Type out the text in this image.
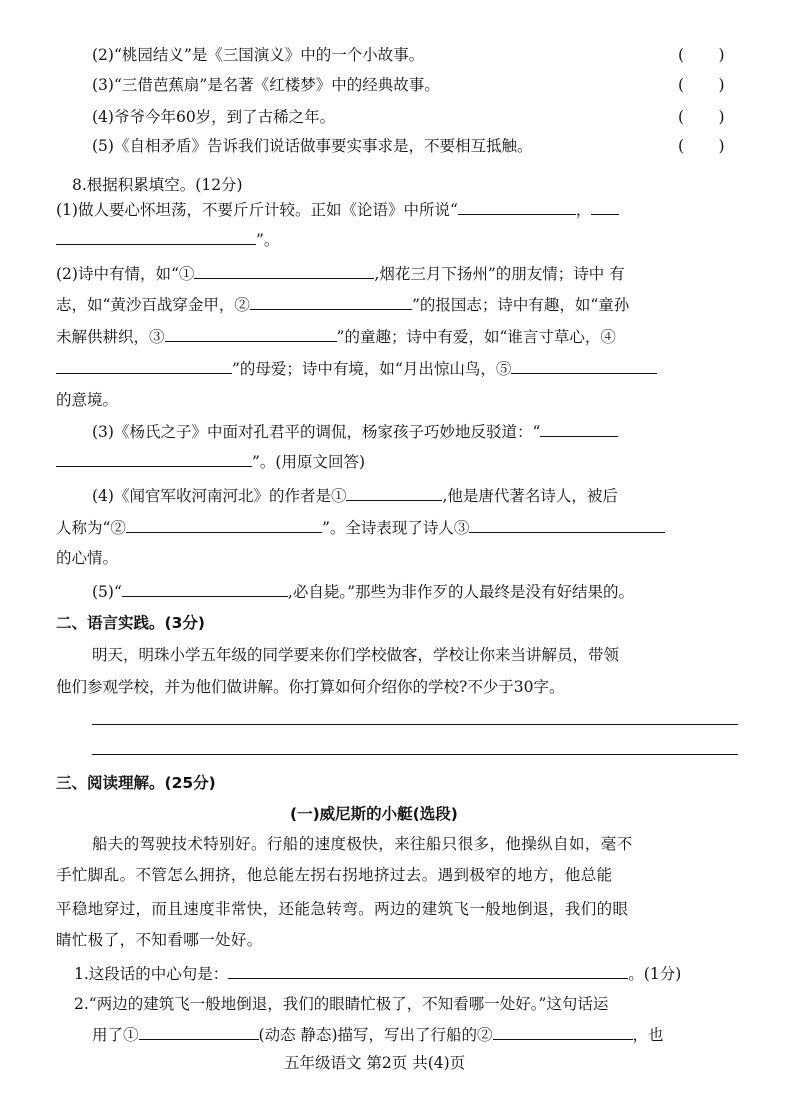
(2)“桃园结义”是《三国演义》中的一个小故事。	(       )
(3)“三借芭蕉扇”是名著《红楼梦》中的经典故事。	(       )
(4)爷爷今年60岁，到了古稀之年。	(       )
(5)《自相矛盾》告诉我们说话做事要实事求是，不要相互抵触。	(       )
8.根据积累填空。(12分)
(1)做人要心怀坦荡，不要斤斤计较。正如《论语》中所说“	，
”。
(2)诗中有情，如“①	,烟花三月下扬州”的朋友情；诗中 有
志，如“黄沙百战穿金甲，②	”的报国志；诗中有趣，如“童孙
未解供耕织，③	”的童趣；诗中有爱，如“谁言寸草心，④
”的母爱；诗中有境，如“月出惊山鸟，⑤
的意境。
(3)《杨氏之子》中面对孔君平的调侃，杨家孩子巧妙地反驳道：“
”。(用原文回答)
(4)《闻官军收河南河北》的作者是①	,他是唐代著名诗人，被后
人称为“②	”。全诗表现了诗人③
的心情。
(5)“	,必自毙。”那些为非作歹的人最终是没有好结果的。
二、语言实践。(3分)
明天，明珠小学五年级的同学要来你们学校做客，学校让你来当讲解员，带领
他们参观学校，并为他们做讲解。你打算如何介绍你的学校?不少于30字。
三、阅读理解。(25分)
(一)威尼斯的小艇(选段)
船夫的驾驶技术特别好。行船的速度极快，来往船只很多，他操纵自如，毫不
手忙脚乱。不管怎么拥挤，他总能左拐右拐地挤过去。遇到极窄的地方，他总能
平稳地穿过，而且速度非常快，还能急转弯。两边的建筑飞一般地倒退，我们的眼
睛忙极了，不知看哪一处好。
1.这段话的中心句是：	。(1分)
2.“两边的建筑飞一般地倒退，我们的眼睛忙极了，不知看哪一处好。”这句话运
用了①	(动态 静态)描写，写出了行船的②	，也
五年级语文 第2页 共(4)页
